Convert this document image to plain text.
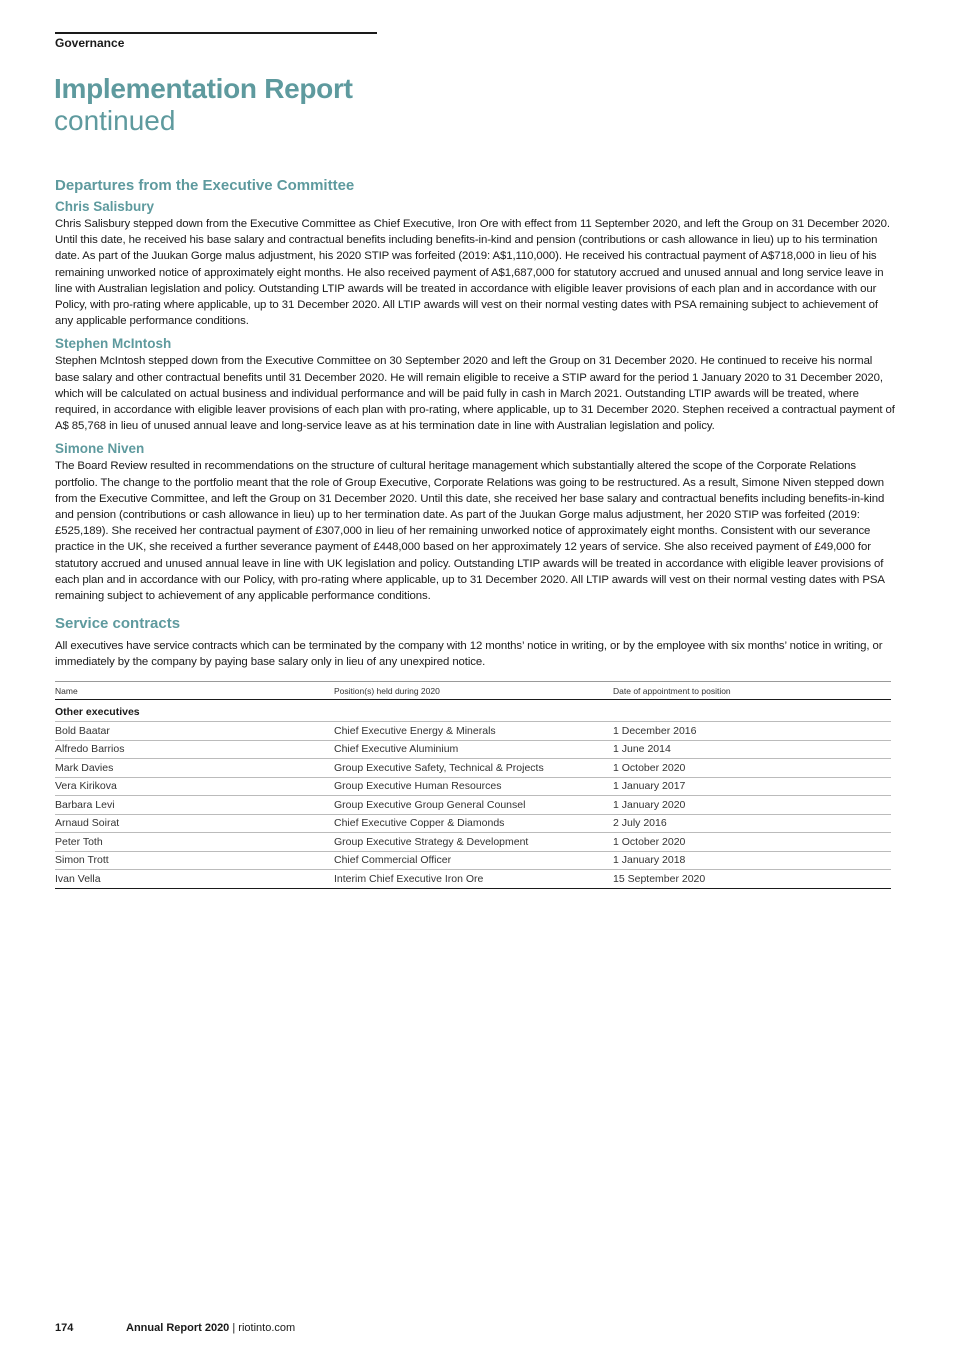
Governance
Implementation Report
continued
Departures from the Executive Committee
Chris Salisbury

Chris Salisbury stepped down from the Executive Committee as Chief Executive, Iron Ore with effect from 11 September 2020, and left the Group on 31 December 2020. Until this date, he received his base salary and contractual benefits including benefits-in-kind and pension (contributions or cash allowance in lieu) up to his termination date. As part of the Juukan Gorge malus adjustment, his 2020 STIP was forfeited (2019: A$1,110,000). He received his contractual payment of A$718,000 in lieu of his remaining unworked notice of approximately eight months. He also received payment of A$1,687,000 for statutory accrued and unused annual and long service leave in line with Australian legislation and policy. Outstanding LTIP awards will be treated in accordance with eligible leaver provisions of each plan and in accordance with our Policy, with pro-rating where applicable, up to 31 December 2020. All LTIP awards will vest on their normal vesting dates with PSA remaining subject to achievement of any applicable performance conditions.

Stephen McIntosh

Stephen McIntosh stepped down from the Executive Committee on 30 September 2020 and left the Group on 31 December 2020. He continued to receive his normal base salary and other contractual benefits until 31 December 2020. He will remain eligible to receive a STIP award for the period 1 January 2020 to 31 December 2020, which will be calculated on actual business and individual performance and will be paid fully in cash in March 2021. Outstanding LTIP awards will be treated, where required, in accordance with eligible leaver provisions of each plan with pro-rating, where applicable, up to 31 December 2020. Stephen received a contractual payment of A$ 85,768 in lieu of unused annual leave and long-service leave as at his termination date in line with Australian legislation and policy.

Simone Niven

The Board Review resulted in recommendations on the structure of cultural heritage management which substantially altered the scope of the Corporate Relations portfolio. The change to the portfolio meant that the role of Group Executive, Corporate Relations was going to be restructured. As a result, Simone Niven stepped down from the Executive Committee, and left the Group on 31 December 2020. Until this date, she received her base salary and contractual benefits including benefits-in-kind and pension (contributions or cash allowance in lieu) up to her termination date. As part of the Juukan Gorge malus adjustment, her 2020 STIP was forfeited (2019: £525,189). She received her contractual payment of £307,000 in lieu of her remaining unworked notice of approximately eight months. Consistent with our severance practice in the UK, she received a further severance payment of £448,000 based on her approximately 12 years of service. She also received payment of £49,000 for statutory accrued and unused annual leave in line with UK legislation and policy. Outstanding LTIP awards will be treated in accordance with eligible leaver provisions of each plan and in accordance with our Policy, with pro-rating where applicable, up to 31 December 2020. All LTIP awards will vest on their normal vesting dates with PSA remaining subject to achievement of any applicable performance conditions.

Service contracts

All executives have service contracts which can be terminated by the company with 12 months’ notice in writing, or by the employee with six months’ notice in writing, or immediately by the company by paying base salary only in lieu of any unexpired notice.

Name	Position(s) held during 2020	Date of appointment to position
Other executives		
Bold Baatar	Chief Executive Energy & Minerals	1 December 2016
Alfredo Barrios	Chief Executive Aluminium	1 June 2014
Mark Davies	Group Executive Safety, Technical & Projects	1 October 2020
Vera Kirikova	Group Executive Human Resources	1 January 2017
Barbara Levi	Group Executive Group General Counsel	1 January 2020
Arnaud Soirat	Chief Executive Copper & Diamonds	2 July 2016
Peter Toth	Group Executive Strategy & Development	1 October 2020
Simon Trott	Chief Commercial Officer	1 January 2018
Ivan Vella	Interim Chief Executive Iron Ore	15 September 2020
174	Annual Report 2020 | riotinto.com
